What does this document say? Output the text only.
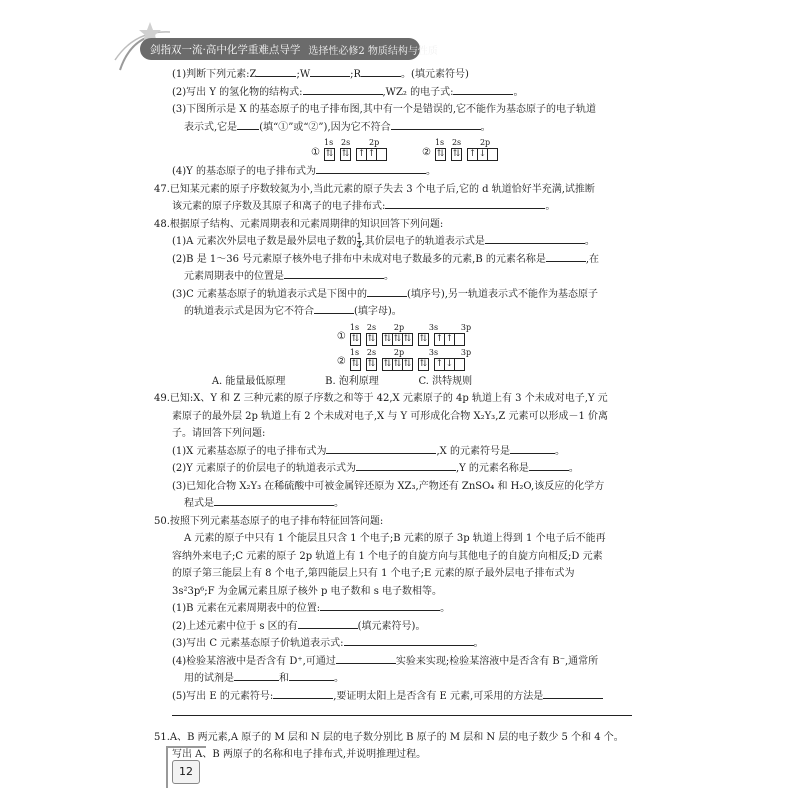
剑指双一流·高中化学重难点导学 选择性必修2 物质结构与性质
(1)判断下列元素:Z	;W	;R	。(填元素符号)
(2)写出 Y 的氢化物的结构式:	,WZ₂ 的电子式:	。
(3)下图所示是 X 的基态原子的电子排布图,其中有一个是错误的,它不能作为基态原子的电子轨道
表示式,它是 (填“①”或“②”),因为它不符合	。
①
1s 2s	2p
⇅ ⇅ ↑ ↑	②
1s 2s	2p
⇅ ⇅ ↑ ↓
(4)Y 的基态原子的电子排布式为	。
47.已知某元素的原子序数较氮为小,当此元素的原子失去 3 个电子后,它的 d 轨道恰好半充满,试推断
该元素的原子序数及其原子和离子的电子排布式:	。
48.根据原子结构、元素周期表和元素周期律的知识回答下列问题:
(1)A 元素次外层电子数是最外层电子数的 $\frac{1}{4}$ ,其价层电子的轨道表示式是	。
(2)B 是 1～36 号元素原子核外电子排布中未成对电子数最多的元素,B 的元素名称是	,在
元素周期表中的位置是	。
(3)C 元素基态原子的轨道表示式是下图中的	(填序号),另一轨道表示式不能作为基态原子
的轨道表示式是因为它不符合	(填字母)。
①
1s 2s	2p	3s	3p
⇅ ⇅ ⇅ ⇅ ⇅ ⇅ ↑ ↑
②
1s 2s	2p	3s	3p
⇅ ⇅ ⇅ ⇅ ⇅ ⇅ ↑ ↓
A. 能量最低原理	B. 泡利原理	C. 洪特规则
49.已知:X、Y 和 Z 三种元素的原子序数之和等于 42,X 元素原子的 4p 轨道上有 3 个未成对电子,Y 元
素原子的最外层 2p 轨道上有 2 个未成对电子,X 与 Y 可形成化合物 X₂Y₃,Z 元素可以形成－1 价离
子。请回答下列问题:
(1)X 元素基态原子的电子排布式为	,X 的元素符号是	。
(2)Y 元素原子的价层电子的轨道表示式为	,Y 的元素名称是	。
(3)已知化合物 X₂Y₃ 在稀硫酸中可被金属锌还原为 XZ₃,产物还有 ZnSO₄ 和 H₂O,该反应的化学方
程式是	。
50.按照下列元素基态原子的电子排布特征回答问题:
A 元素的原子中只有 1 个能层且只含 1 个电子;B 元素的原子 3p 轨道上得到 1 个电子后不能再
容纳外来电子;C 元素的原子 2p 轨道上有 1 个电子的自旋方向与其他电子的自旋方向相反;D 元素
的原子第三能层上有 8 个电子,第四能层上只有 1 个电子;E 元素的原子最外层电子排布式为
3s²3p⁶;F 为金属元素且原子核外 p 电子数和 s 电子数相等。
(1)B 元素在元素周期表中的位置:	。
(2)上述元素中位于 s 区的有	(填元素符号)。
(3)写出 C 元素基态原子价轨道表示式:	。
(4)检验某溶液中是否含有 D⁺,可通过	实验来实现;检验某溶液中是否含有 B⁻,通常所
用的试剂是	和	。
(5)写出 E 的元素符号:	,要证明太阳上是否含有 E 元素,可采用的方法是
51.A、B 两元素,A 原子的 M 层和 N 层的电子数分别比 B 原子的 M 层和 N 层的电子数少 5 个和 4 个。
写出 A、B 两原子的名称和电子排布式,并说明推理过程。
12
